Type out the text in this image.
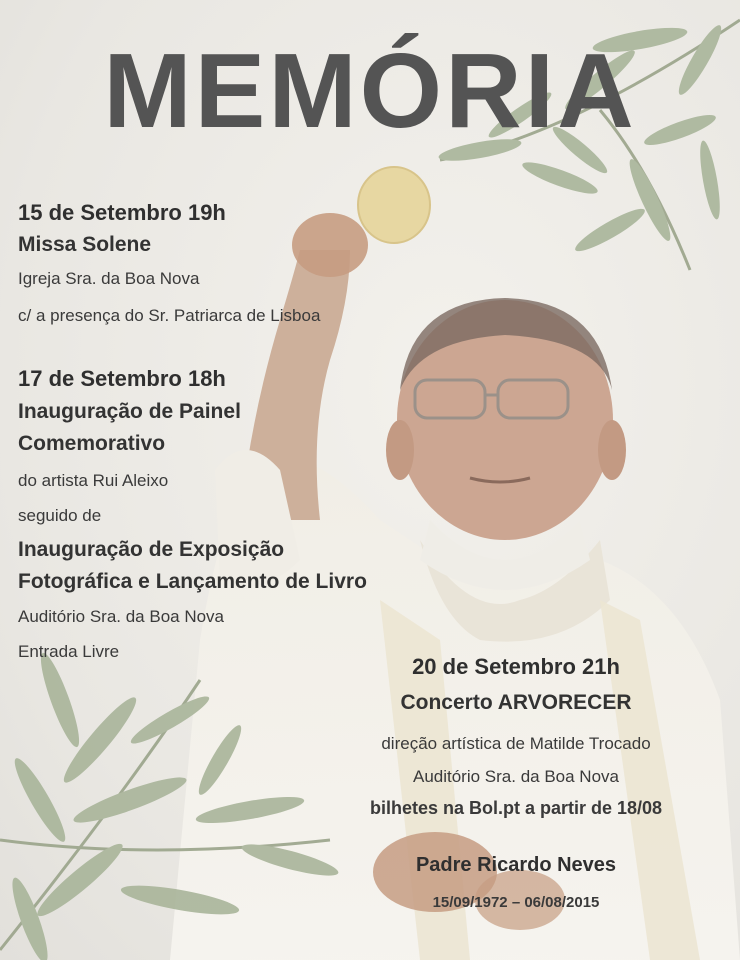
MEMÓRIA

15 de Setembro 19h

Missa Solene

Igreja Sra. da Boa Nova

c/ a presença do Sr. Patriarca de Lisboa

17 de Setembro 18h

Inauguração de Painel

Comemorativo

do artista Rui Aleixo

seguido de

Inauguração de Exposição

Fotográfica e Lançamento de Livro

Auditório Sra. da Boa Nova

Entrada Livre

20 de Setembro 21h

Concerto ARVORECER

direção artística de Matilde Trocado

Auditório Sra. da Boa Nova

bilhetes na Bol.pt a partir de 18/08

Padre Ricardo Neves

15/09/1972 – 06/08/2015
